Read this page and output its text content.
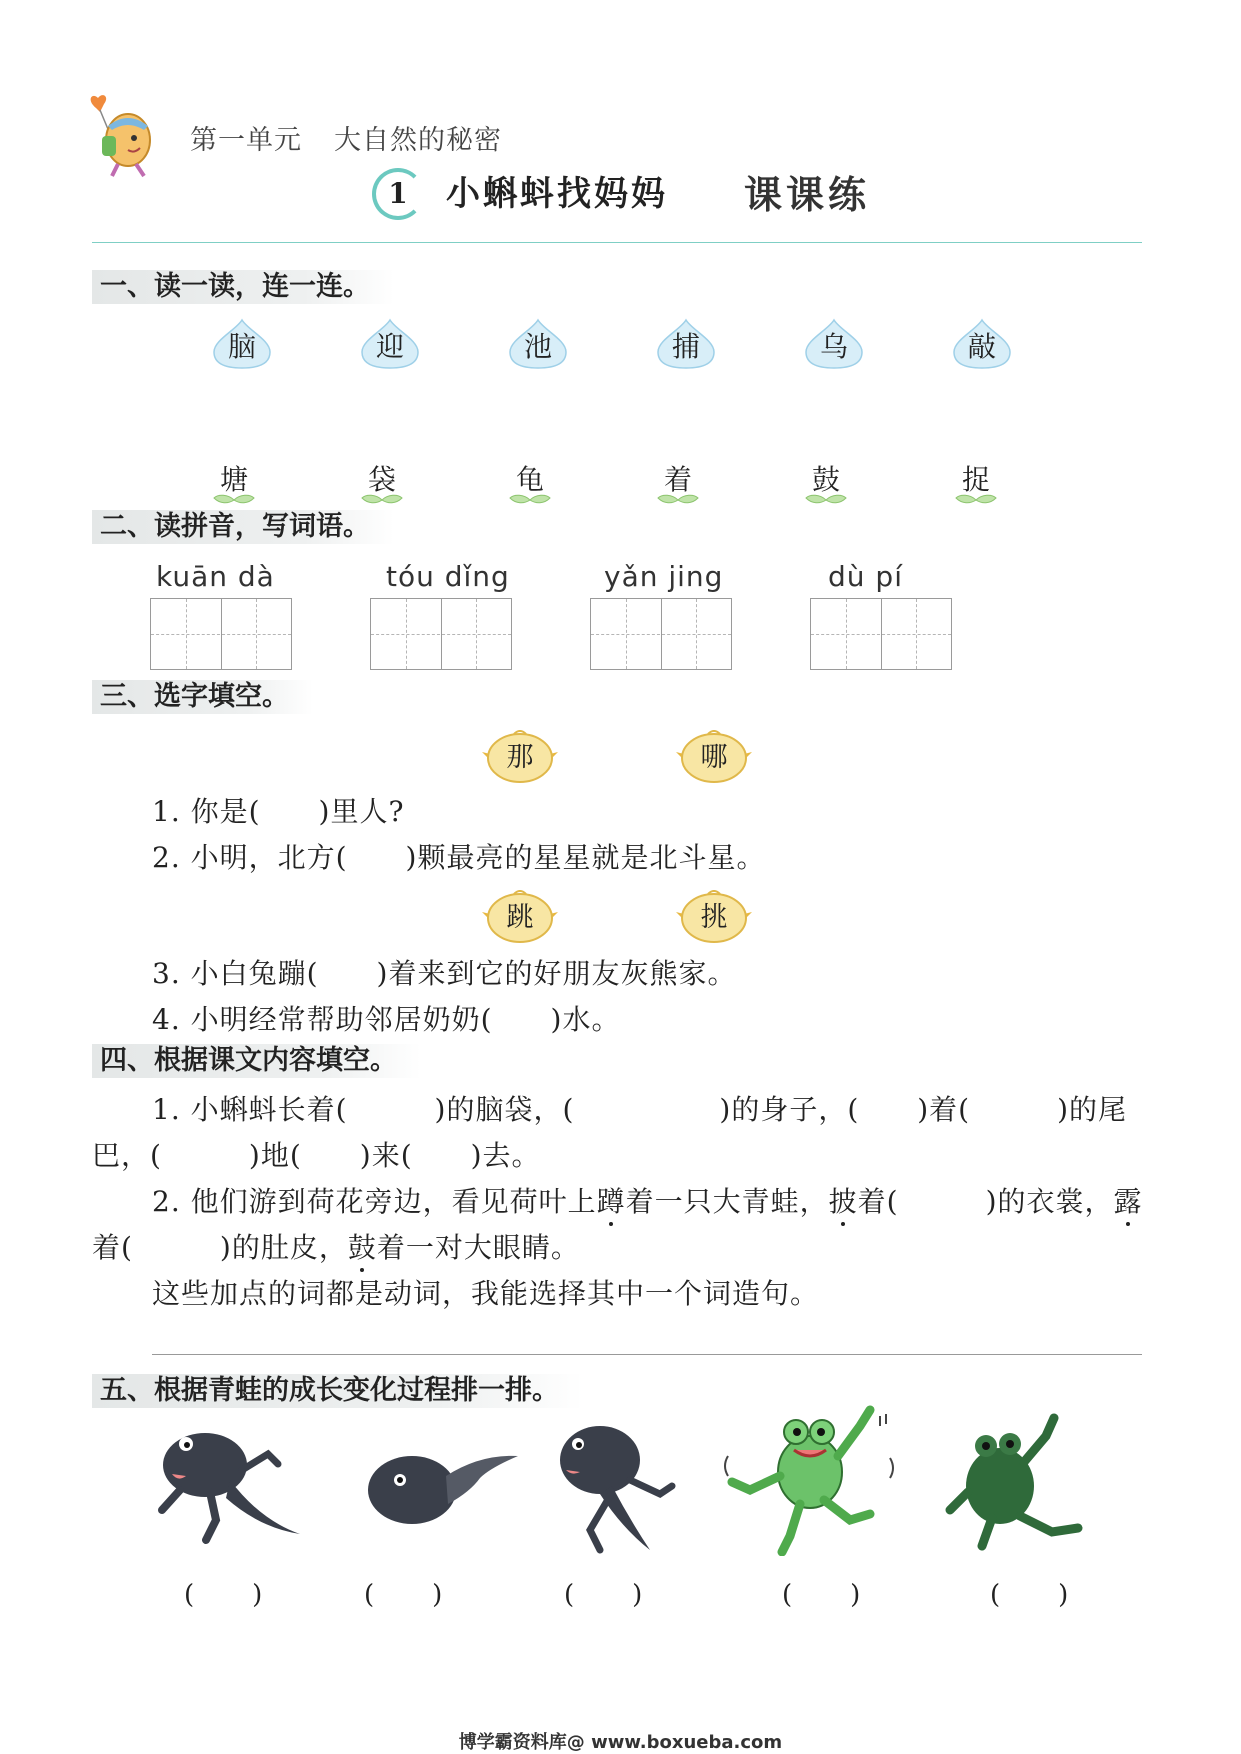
第一单元 大自然的秘密
1	小蝌蚪找妈妈 课课练
一、读一读，连一连。
脑	迎	池	捕	乌	敲
塘	袋	龟	着	鼓	捉
二、读拼音，写词语。
kuān dà	tóu dǐng	yǎn jing	dù pí
三、选字填空。
那	哪
1. 你是(　　)里人?
2. 小明，北方(　　)颗最亮的星星就是北斗星。
跳	挑
3. 小白兔蹦(　　)着来到它的好朋友灰熊家。
4. 小明经常帮助邻居奶奶(　　)水。
四、根据课文内容填空。
1. 小蝌蚪长着(　　　)的脑袋，(　　　　　)的身子，(　　)着(　　　)的尾
巴，(　　　)地(　　)来(　　)去。
2. 他们游到荷花旁边，看见荷叶上蹲着一只大青蛙，披着(　　　)的衣裳，露
着(　　　)的肚皮，鼓着一对大眼睛。
这些加点的词都是动词，我能选择其中一个词造句。
五、根据青蛙的成长变化过程排一排。
(　　)	(　　)	(　　)	(　　)	(　　)
博学霸资料库@ www.boxueba.com
